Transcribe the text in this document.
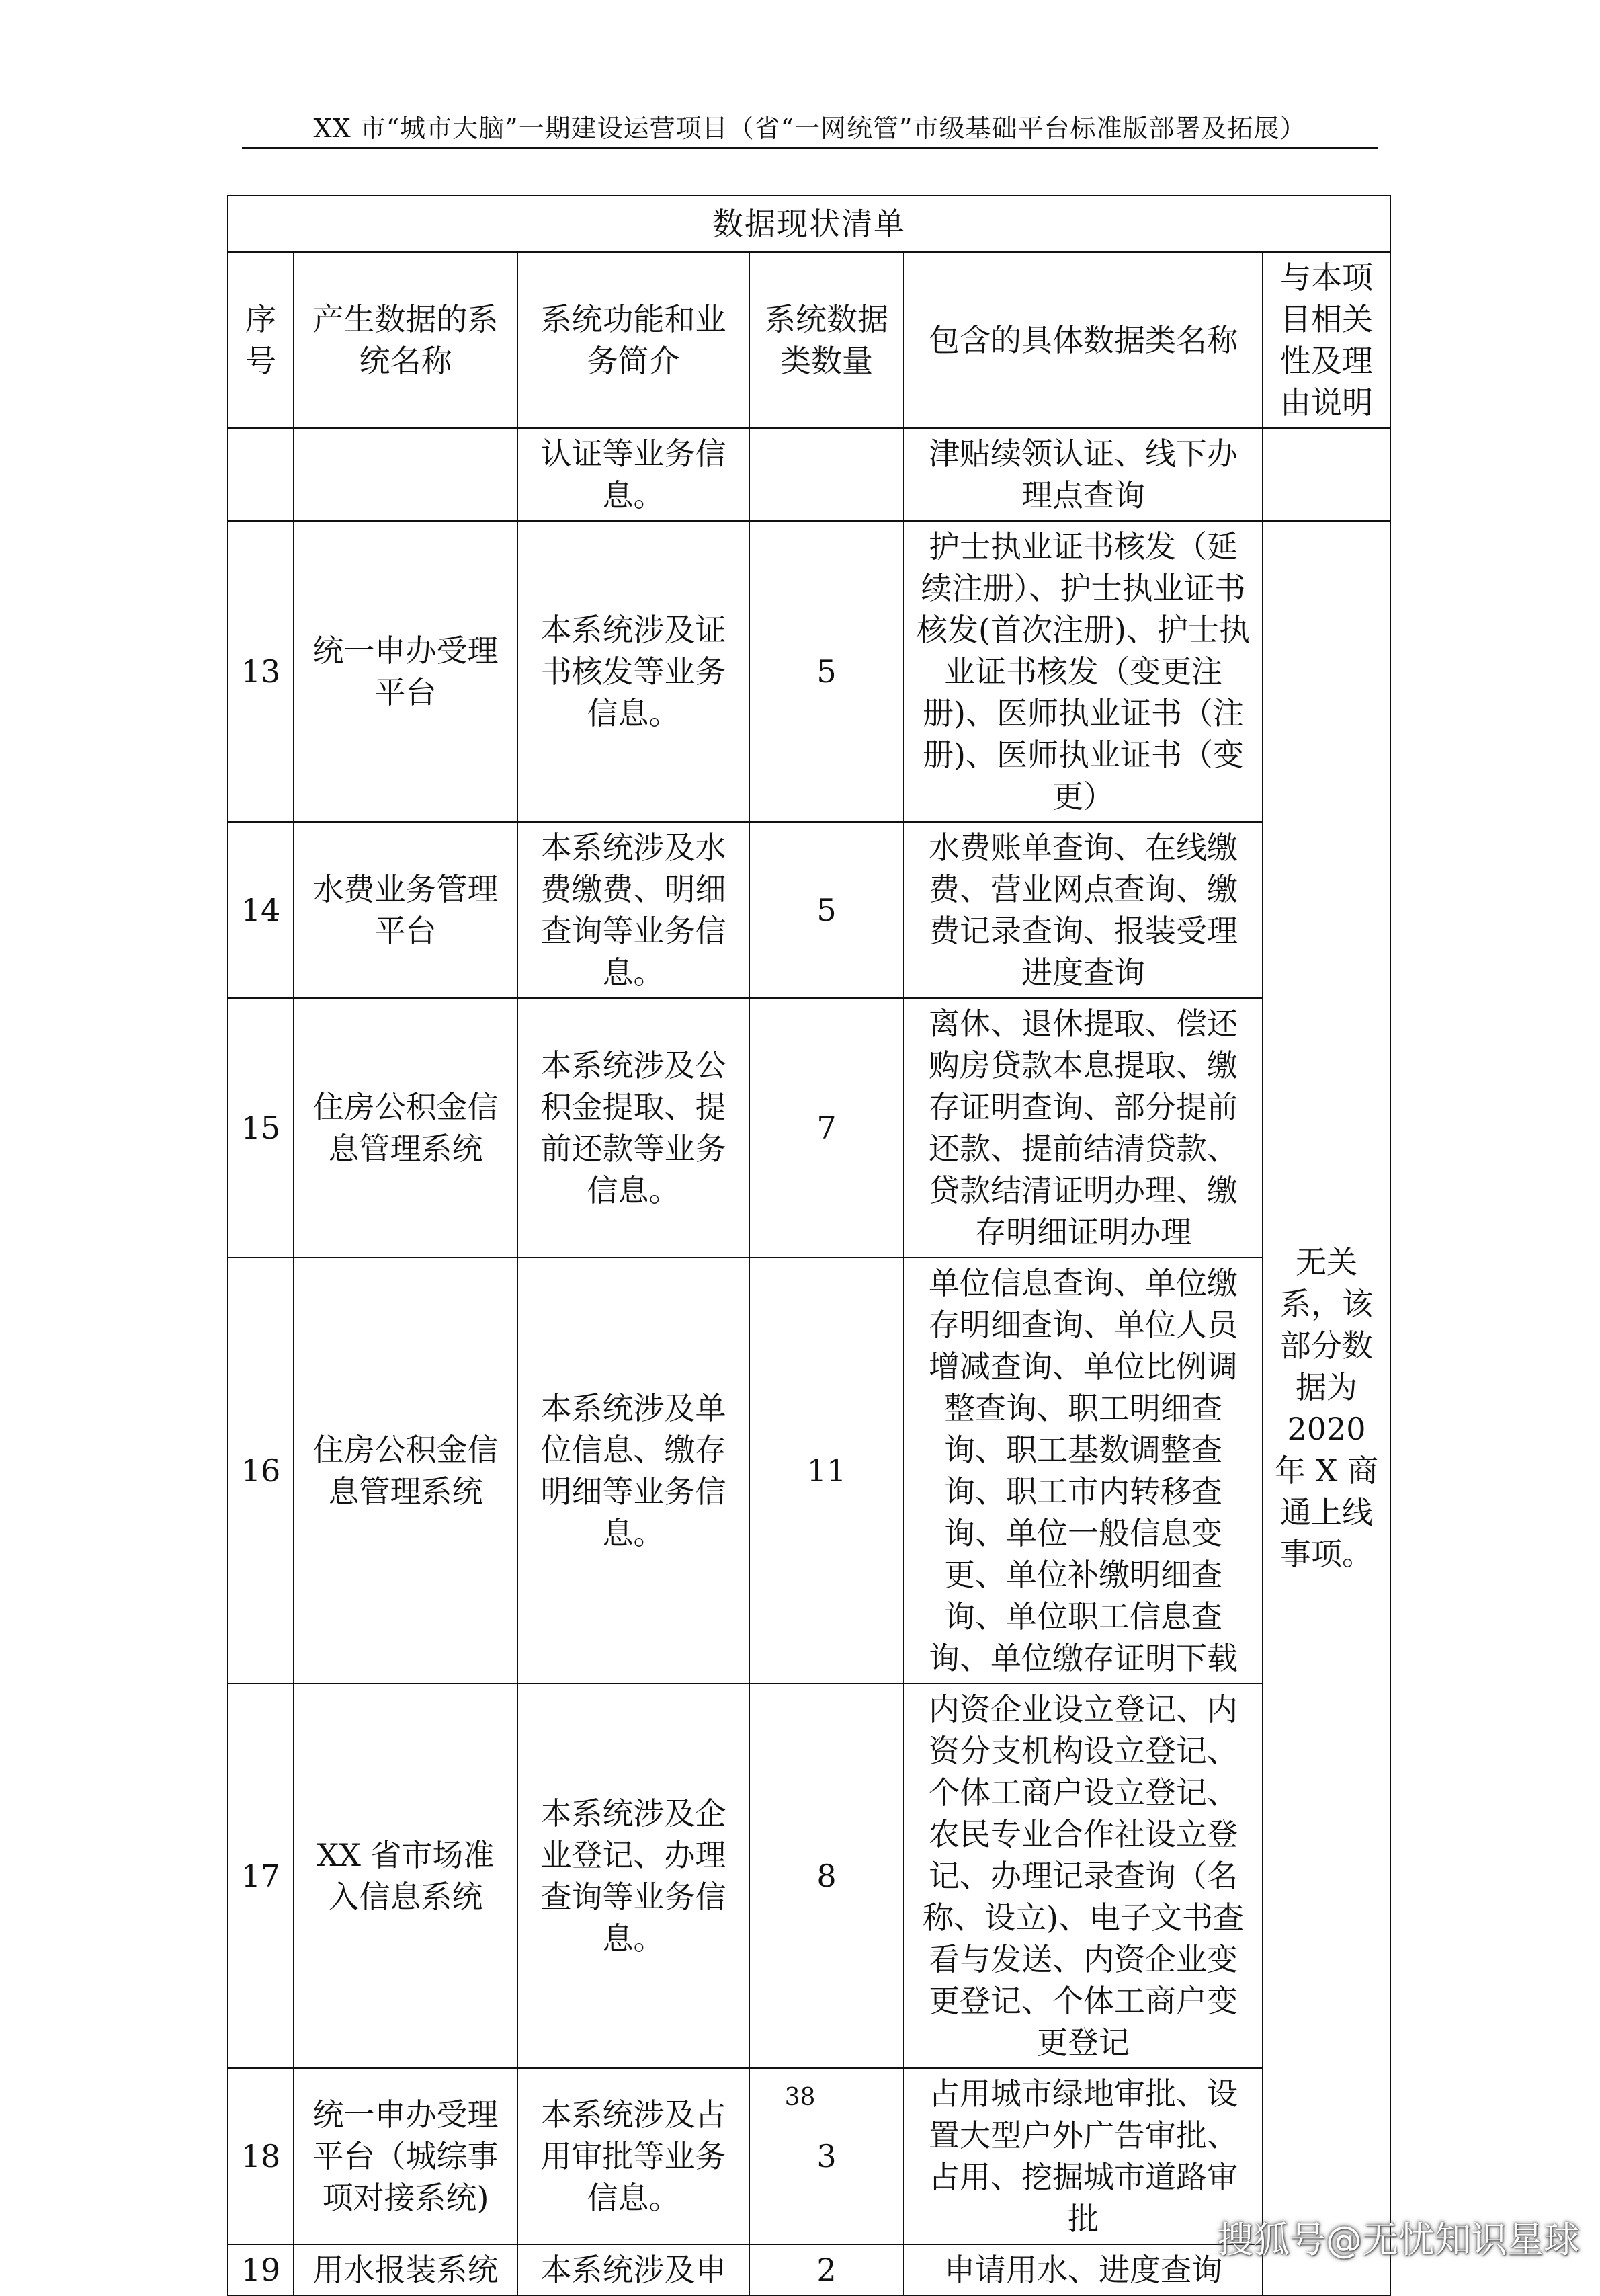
XX 市“城市大脑”一期建设运营项目（省“一网统管”市级基础平台标准版部署及拓展）
数据现状清单					
序号	产生数据的系统名称	系统功能和业务简介	系统数据类数量	包含的具体数据类名称	与本项目相关性及理由说明
		认证等业务信息。		津贴续领认证、线下办理点查询	
13	统一申办受理平台	本系统涉及证书核发等业务信息。	5	护士执业证书核发（延续注册）、护士执业证书核发(首次注册)、护士执业证书核发（变更注册)、医师执业证书（注册)、医师执业证书（变更）	无关系，该部分数据为 2020 年 X 商通上线事项。
14	水费业务管理平台	本系统涉及水费缴费、明细查询等业务信息。	5	水费账单查询、在线缴费、营业网点查询、缴费记录查询、报装受理进度查询	
15	住房公积金信息管理系统	本系统涉及公积金提取、提前还款等业务信息。	7	离休、退休提取、偿还购房贷款本息提取、缴存证明查询、部分提前还款、提前结清贷款、贷款结清证明办理、缴存明细证明办理	
16	住房公积金信息管理系统	本系统涉及单位信息、缴存明细等业务信息。	11	单位信息查询、单位缴存明细查询、单位人员增减查询、单位比例调整查询、职工明细查询、职工基数调整查询、职工市内转移查询、单位一般信息变更、单位补缴明细查询、单位职工信息查询、单位缴存证明下载	
17	XX 省市场准入信息系统	本系统涉及企业登记、办理查询等业务信息。	8	内资企业设立登记、内资分支机构设立登记、个体工商户设立登记、农民专业合作社设立登记、办理记录查询（名称、设立)、电子文书查看与发送、内资企业变更登记、个体工商户变更登记	
18	统一申办受理平台（城综事项对接系统)	本系统涉及占用审批等业务信息。	3	占用城市绿地审批、设置大型户外广告审批、占用、挖掘城市道路审批	
19	用水报装系统	本系统涉及申	2	申请用水、进度查询	
38
搜狐号@无忧知识星球
